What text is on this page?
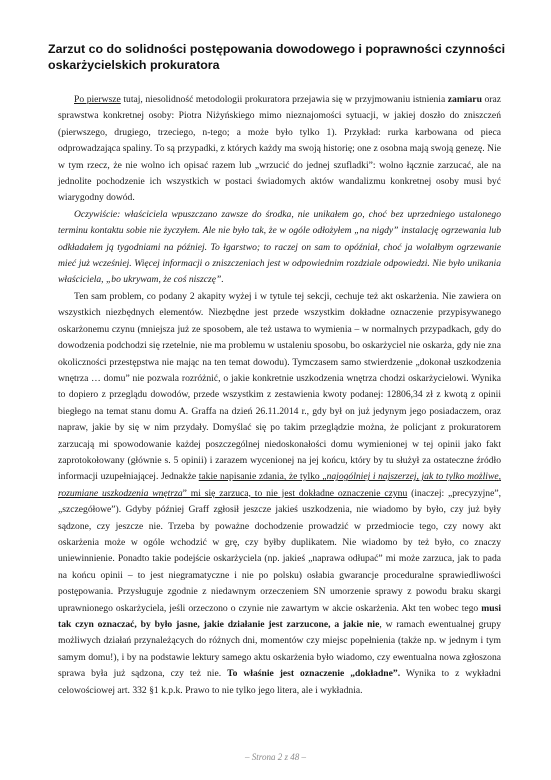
Zarzut co do solidności postępowania dowodowego i poprawności czynności oskarżycielskich prokuratora

Po pierwsze tutaj, niesolidność metodologii prokuratora przejawia się w przyjmowaniu istnienia zamiaru oraz sprawstwa konkretnej osoby: Piotra Niżyńskiego mimo nieznajomości sytuacji, w jakiej doszło do zniszczeń (pierwszego, drugiego, trzeciego, n-tego; a może było tylko 1). Przykład: rurka karbowana od pieca odprowadzająca spaliny. To są przypadki, z których każdy ma swoją historię; one z osobna mają swoją genezę. Nie w tym rzecz, że nie wolno ich opisać razem lub „wrzucić do jednej szufladki”: wolno łącznie zarzucać, ale na jednolite pochodzenie ich wszystkich w postaci świadomych aktów wandalizmu konkretnej osoby musi być wiarygodny dowód.

Oczywiście: właściciela wpuszczano zawsze do środka, nie unikałem go, choć bez uprzedniego ustalonego terminu kontaktu sobie nie życzyłem. Ale nie było tak, że w ogóle odłożyłem „na nigdy” instalację ogrzewania lub odkładałem ją tygodniami na później. To łgarstwo; to raczej on sam to opóźniał, choć ja wolałbym ogrzewanie mieć już wcześniej. Więcej informacji o zniszczeniach jest w odpowiednim rozdziale odpowiedzi. Nie było unikania właściciela, „bo ukrywam, że coś niszczę”.

Ten sam problem, co podany 2 akapity wyżej i w tytule tej sekcji, cechuje też akt oskarżenia. Nie zawiera on wszystkich niezbędnych elementów. Niezbędne jest przede wszystkim dokładne oznaczenie przypisywanego oskarżonemu czynu (mniejsza już ze sposobem, ale też ustawa to wymienia – w normalnych przypadkach, gdy do dowodzenia podchodzi się rzetelnie, nie ma problemu w ustaleniu sposobu, bo oskarżyciel nie oskarża, gdy nie zna okoliczności przestępstwa nie mając na ten temat dowodu). Tymczasem samo stwierdzenie „dokonał uszkodzenia wnętrza … domu” nie pozwala rozróżnić, o jakie konkretnie uszkodzenia wnętrza chodzi oskarżycielowi. Wynika to dopiero z przeglądu dowodów, przede wszystkim z zestawienia kwoty podanej: 12806,34 zł z kwotą z opinii biegłego na temat stanu domu A. Graffa na dzień 26.11.2014 r., gdy był on już jedynym jego posiadaczem, oraz napraw, jakie by się w nim przydały. Domyślać się po takim przeglądzie można, że policjant z prokuratorem zarzucają mi spowodowanie każdej poszczególnej niedoskonałości domu wymienionej w tej opinii jako fakt zaprotokołowany (głównie s. 5 opinii) i zarazem wycenionej na jej końcu, który by tu służył za ostateczne źródło informacji uzupełniającej. Jednakże takie napisanie zdania, że tylko „najogólniej i najszerzej, jak to tylko możliwe, rozumiane uszkodzenia wnętrza” mi się zarzuca, to nie jest dokładne oznaczenie czynu (inaczej: „precyzyjne”, „szczegółowe”). Gdyby później Graff zgłosił jeszcze jakieś uszkodzenia, nie wiadomo by było, czy już były sądzone, czy jeszcze nie. Trzeba by poważne dochodzenie prowadzić w przedmiocie tego, czy nowy akt oskarżenia może w ogóle wchodzić w grę, czy byłby duplikatem. Nie wiadomo by też było, co znaczy uniewinnienie. Ponadto takie podejście oskarżyciela (np. jakieś „naprawa odłupać” mi może zarzuca, jak to pada na końcu opinii – to jest niegramatyczne i nie po polsku) osłabia gwarancje proceduralne sprawiedliwości postępowania. Przysługuje zgodnie z niedawnym orzeczeniem SN umorzenie sprawy z powodu braku skargi uprawnionego oskarżyciela, jeśli orzeczono o czynie nie zawartym w akcie oskarżenia. Akt ten wobec tego musi tak czyn oznaczać, by było jasne, jakie działanie jest zarzucone, a jakie nie, w ramach ewentualnej grupy możliwych działań przynależących do różnych dni, momentów czy miejsc popełnienia (także np. w jednym i tym samym domu!), i by na podstawie lektury samego aktu oskarżenia było wiadomo, czy ewentualna nowa zgłoszona sprawa była już sądzona, czy też nie. To właśnie jest oznaczenie „dokładne”. Wynika to z wykładni celowościowej art. 332 §1 k.p.k. Prawo to nie tylko jego litera, ale i wykładnia.

– Strona 2 z 48 –
